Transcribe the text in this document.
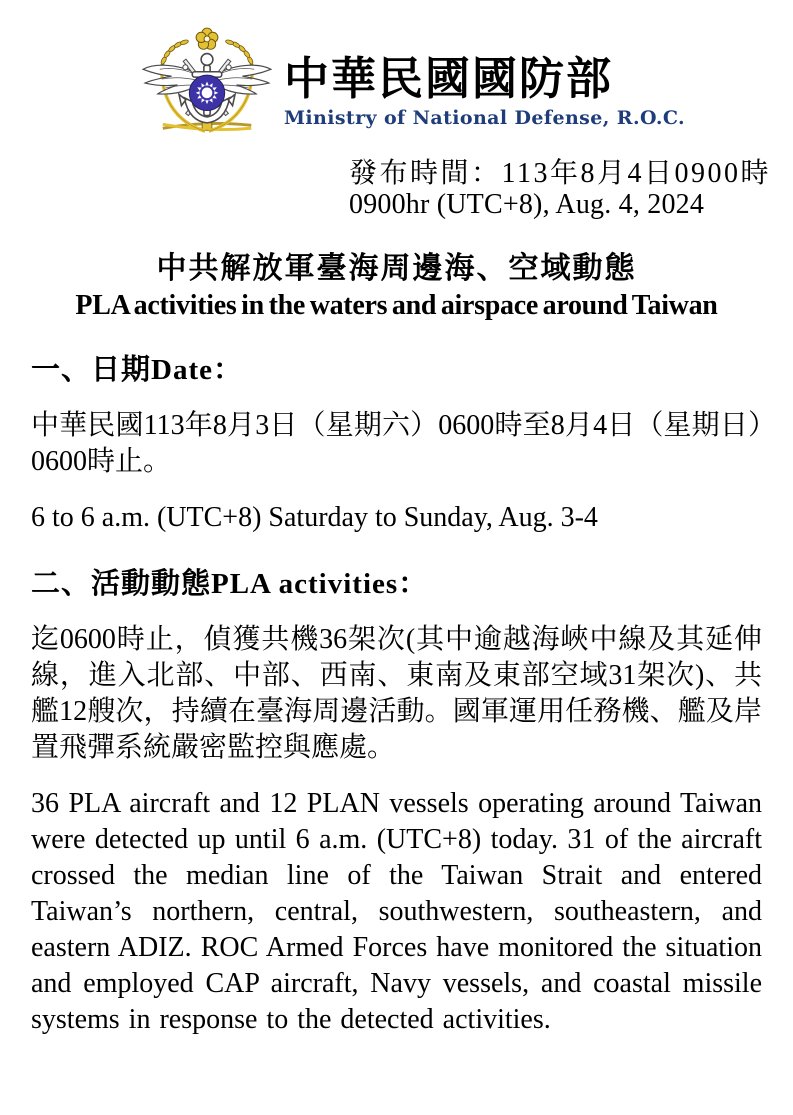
中華民國國防部
Ministry of National Defense, R.O.C.
發布時間：113年8月4日0900時
0900hr (UTC+8), Aug. 4, 2024
中共解放軍臺海周邊海、空域動態
PLA activities in the waters and airspace around Taiwan
一、日期Date：

中華民國113年8月3日（星期六）0600時至8月4日（星期日）0600時止。

6 to 6 a.m. (UTC+8) Saturday to Sunday, Aug. 3-4

二、活動動態PLA activities：

迄0600時止，偵獲共機36架次(其中逾越海峽中線及其延伸線，進入北部、中部、西南、東南及東部空域31架次)、共艦12艘次，持續在臺海周邊活動。國軍運用任務機、艦及岸置飛彈系統嚴密監控與應處。

36 PLA aircraft and 12 PLAN vessels operating around Taiwan were detected up until 6 a.m. (UTC+8) today. 31 of the aircraft crossed the median line of the Taiwan Strait and entered Taiwan’s northern, central, southwestern, southeastern, and eastern ADIZ. ROC Armed Forces have monitored the situation and employed CAP aircraft, Navy vessels, and coastal missile systems in response to the detected activities.
